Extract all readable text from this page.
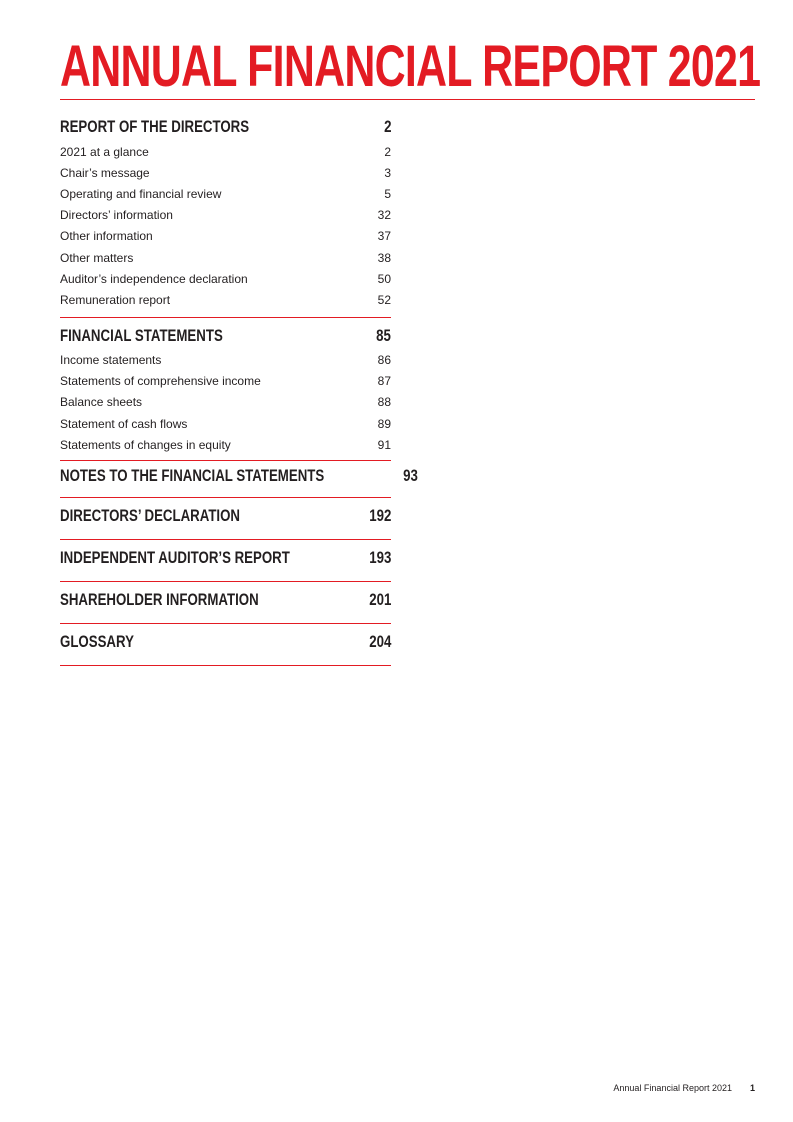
ANNUAL FINANCIAL REPORT 2021
REPORT OF THE DIRECTORS	2
2021 at a glance	2
Chair’s message	3
Operating and financial review	5
Directors’ information	32
Other information	37
Other matters	38
Auditor’s independence declaration	50
Remuneration report	52
FINANCIAL STATEMENTS	85
Income statements	86
Statements of comprehensive income	87
Balance sheets	88
Statement of cash flows	89
Statements of changes in equity	91
NOTES TO THE FINANCIAL STATEMENTS	93
DIRECTORS’ DECLARATION	192
INDEPENDENT AUDITOR’S REPORT	193
SHAREHOLDER INFORMATION	201
GLOSSARY	204
Annual Financial Report 2021 1
